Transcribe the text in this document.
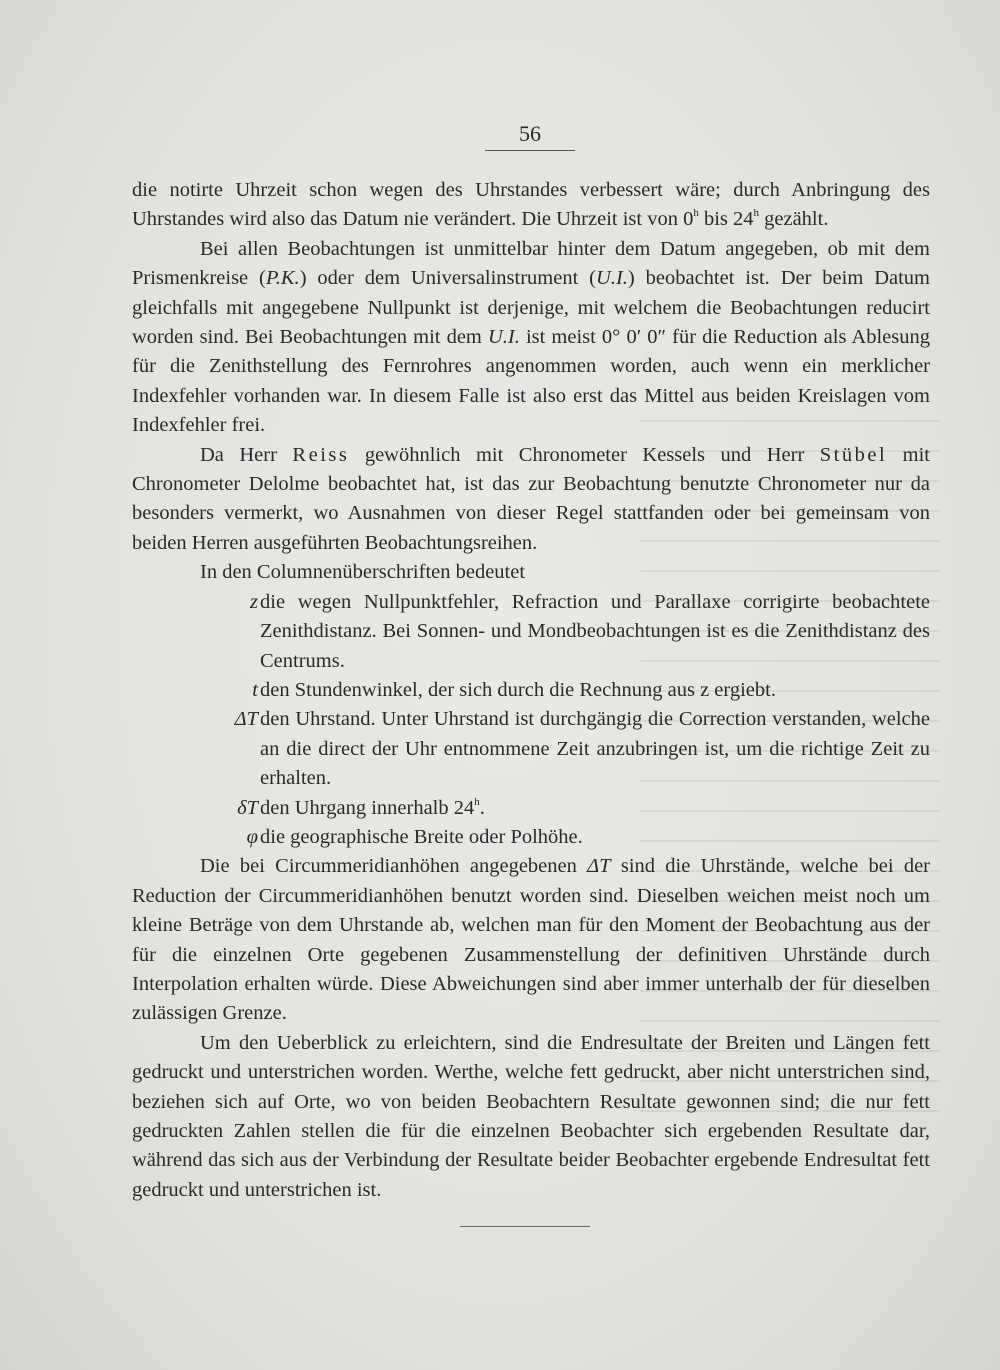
56

die notirte Uhrzeit schon wegen des Uhrstandes verbessert wäre; durch Anbringung des Uhrstandes wird also das Datum nie verändert. Die Uhrzeit ist von 0$^h$ bis 24$^h$ gezählt.

Bei allen Beobachtungen ist unmittelbar hinter dem Datum angegeben, ob mit dem Prismenkreise (P.K.) oder dem Universalinstrument (U.I.) beobachtet ist. Der beim Datum gleichfalls mit angegebene Nullpunkt ist derjenige, mit welchem die Beobachtungen reducirt worden sind. Bei Beobachtungen mit dem U.I. ist meist 0° 0′ 0″ für die Reduction als Ablesung für die Zenithstellung des Fernrohres angenommen worden, auch wenn ein merklicher Indexfehler vorhanden war. In diesem Falle ist also erst das Mittel aus beiden Kreislagen vom Indexfehler frei.

Da Herr Reiss gewöhnlich mit Chronometer Kessels und Herr Stübel mit Chronometer Delolme beobachtet hat, ist das zur Beobachtung benutzte Chronometer nur da besonders vermerkt, wo Ausnahmen von dieser Regel stattfanden oder bei gemeinsam von beiden Herren ausgeführten Beobachtungsreihen.

In den Columnenüberschriften bedeutet

z die wegen Nullpunktfehler, Refraction und Parallaxe corrigirte beobachtete Zenithdistanz. Bei Sonnen- und Mondbeobachtungen ist es die Zenithdistanz des Centrums.
t den Stundenwinkel, der sich durch die Rechnung aus z ergiebt.
ΔT den Uhrstand. Unter Uhrstand ist durchgängig die Correction verstanden, welche an die direct der Uhr entnommene Zeit anzubringen ist, um die richtige Zeit zu erhalten.
δT den Uhrgang innerhalb 24$^h$.
φ die geographische Breite oder Polhöhe.

Die bei Circummeridianhöhen angegebenen ΔT sind die Uhrstände, welche bei der Reduction der Circummeridianhöhen benutzt worden sind. Dieselben weichen meist noch um kleine Beträge von dem Uhrstande ab, welchen man für den Moment der Beobachtung aus der für die einzelnen Orte gegebenen Zusammenstellung der definitiven Uhrstände durch Interpolation erhalten würde. Diese Abweichungen sind aber immer unterhalb der für dieselben zulässigen Grenze.

Um den Ueberblick zu erleichtern, sind die Endresultate der Breiten und Längen fett gedruckt und unterstrichen worden. Werthe, welche fett gedruckt, aber nicht unterstrichen sind, beziehen sich auf Orte, wo von beiden Beobachtern Resultate gewonnen sind; die nur fett gedruckten Zahlen stellen die für die einzelnen Beobachter sich ergebenden Resultate dar, während das sich aus der Verbindung der Resultate beider Beobachter ergebende Endresultat fett gedruckt und unterstrichen ist.
